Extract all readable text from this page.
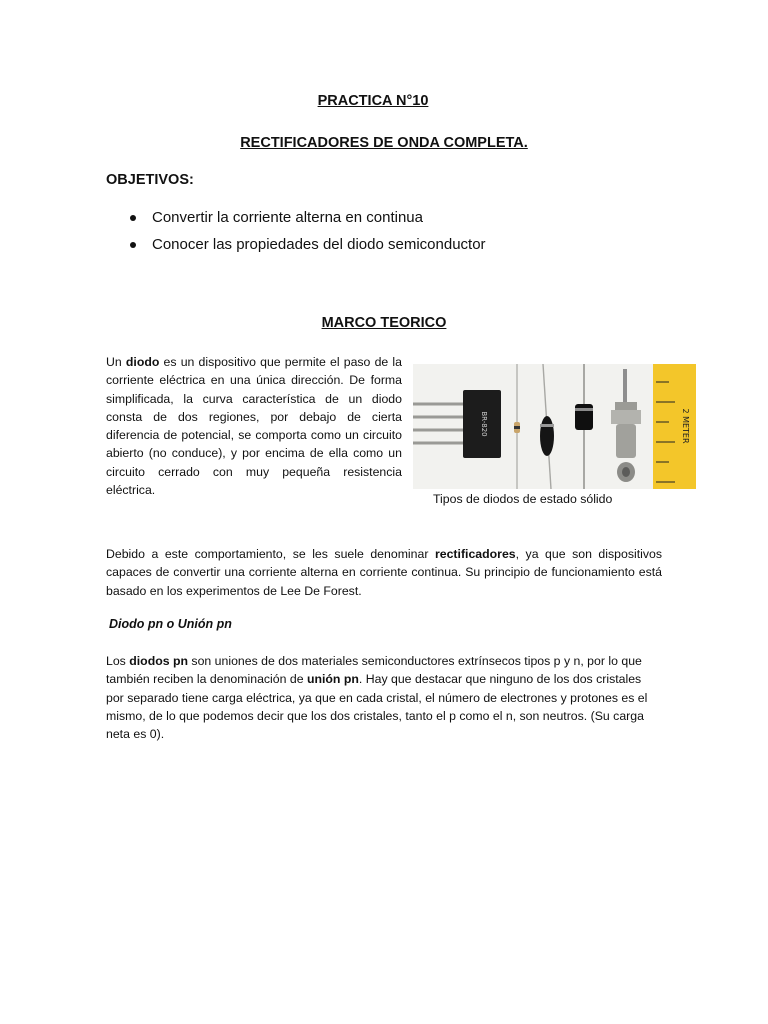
PRACTICA N°10
RECTIFICADORES DE ONDA COMPLETA.
OBJETIVOS:
Convertir la corriente alterna en continua
Conocer las propiedades del diodo semiconductor
MARCO TEORICO

Un diodo es un dispositivo que permite el paso de la corriente eléctrica en una única dirección. De forma simplificada, la curva característica de un diodo consta de dos regiones, por debajo de cierta diferencia de potencial, se comporta como un circuito abierto (no conduce), y por encima de ella como un circuito cerrado con muy pequeña resistencia eléctrica.

BR-820	2 METER
Tipos de diodos de estado sólido

Debido a este comportamiento, se les suele denominar rectificadores, ya que son dispositivos capaces de convertir una corriente alterna en corriente continua. Su principio de funcionamiento está basado en los experimentos de Lee De Forest.

Diodo pn o Unión pn

Los diodos pn son uniones de dos materiales semiconductores extrínsecos tipos p y n, por lo que también reciben la denominación de unión pn. Hay que destacar que ninguno de los dos cristales por separado tiene carga eléctrica, ya que en cada cristal, el número de electrones y protones es el mismo, de lo que podemos decir que los dos cristales, tanto el p como el n, son neutros. (Su carga neta es 0).
